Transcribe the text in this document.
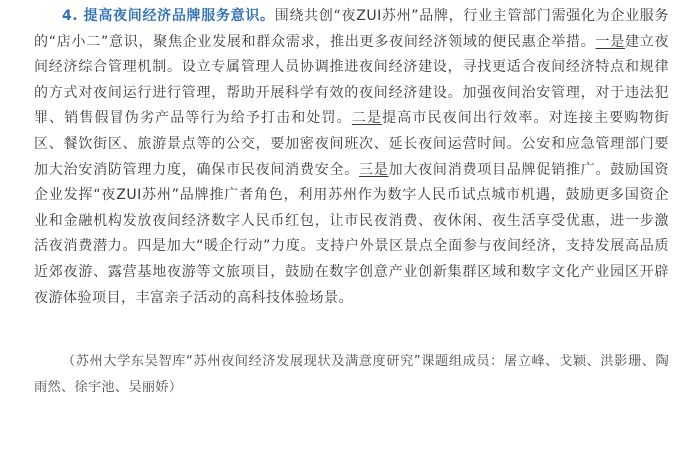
4. 提高夜间经济品牌服务意识。围绕共创“夜ZUI苏州”品牌，行业主管部门需强化为企业服务的“店小二”意识，聚焦企业发展和群众需求，推出更多夜间经济领域的便民惠企举措。一是建立夜间经济综合管理机制。设立专属管理人员协调推进夜间经济建设，寻找更适合夜间经济特点和规律的方式对夜间运行进行管理，帮助开展科学有效的夜间经济建设。加强夜间治安管理，对于违法犯罪、销售假冒伪劣产品等行为给予打击和处罚。二是提高市民夜间出行效率。对连接主要购物街区、餐饮街区、旅游景点等的公交，要加密夜间班次、延长夜间运营时间。公安和应急管理部门要加大治安消防管理力度，确保市民夜间消费安全。三是加大夜间消费项目品牌促销推广。鼓励国资企业发挥“夜ZUI苏州”品牌推广者角色，利用苏州作为数字人民币试点城市机遇，鼓励更多国资企业和金融机构发放夜间经济数字人民币红包，让市民夜消费、夜休闲、夜生活享受优惠，进一步激活夜消费潜力。四是加大“暖企行动”力度。支持户外景区景点全面参与夜间经济，支持发展高品质近郊夜游、露营基地夜游等文旅项目，鼓励在数字创意产业创新集群区域和数字文化产业园区开辟夜游体验项目，丰富亲子活动的高科技体验场景。

（苏州大学东吴智库“苏州夜间经济发展现状及满意度研究”课题组成员：屠立峰、戈颖、洪影珊、陶雨然、徐宇池、吴丽娇）
